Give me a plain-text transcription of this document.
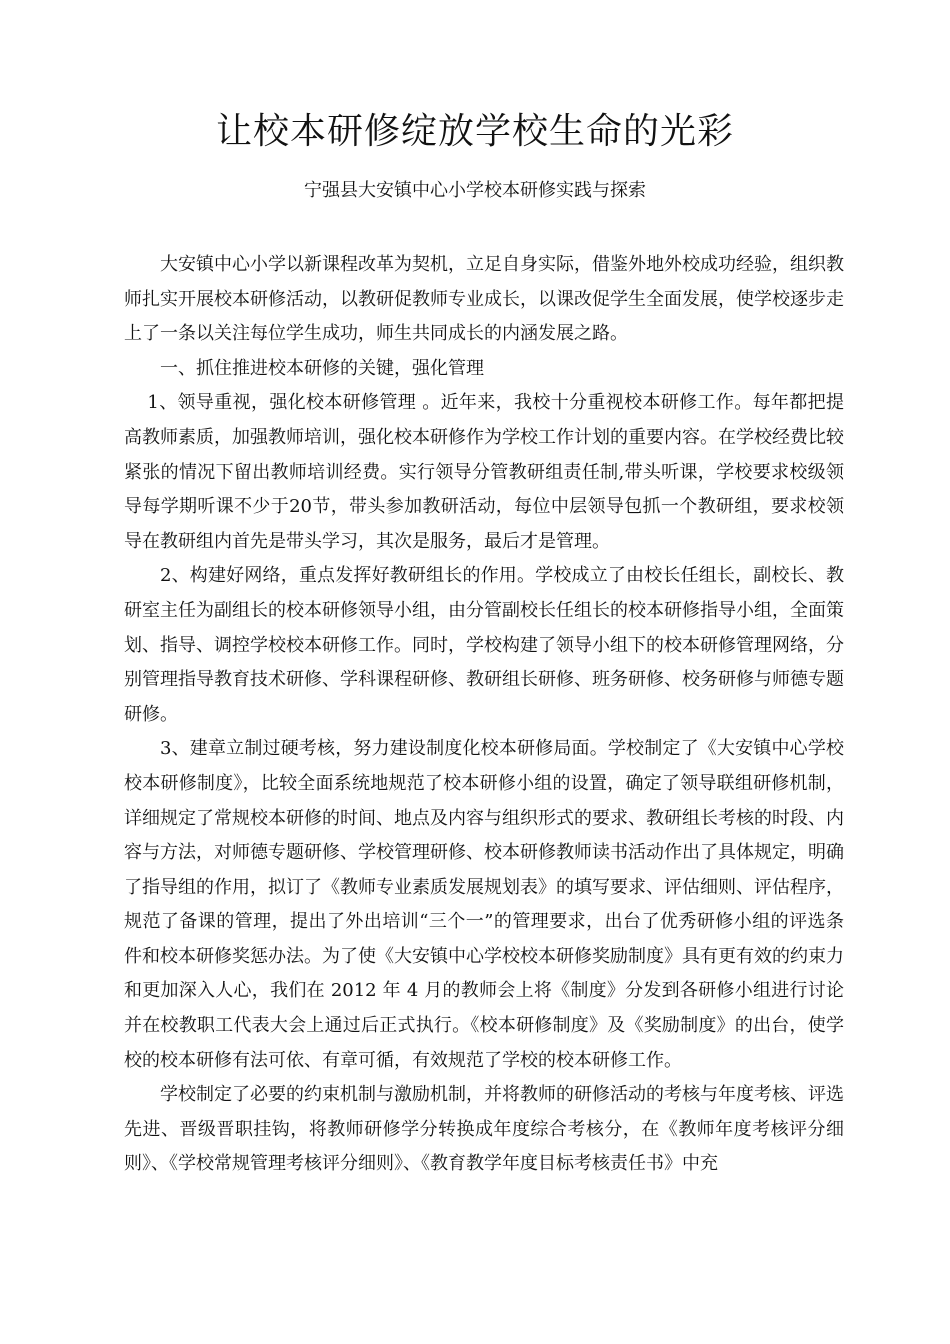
让校本研修绽放学校生命的光彩

宁强县大安镇中心小学校本研修实践与探索

大安镇中心小学以新课程改革为契机，立足自身实际，借鉴外地外校成功经验，组织教师扎实开展校本研修活动，以教研促教师专业成长，以课改促学生全面发展，使学校逐步走上了一条以关注每位学生成功，师生共同成长的内涵发展之路。

一、抓住推进校本研修的关键，强化管理

1、领导重视，强化校本研修管理 。近年来，我校十分重视校本研修工作。每年都把提高教师素质，加强教师培训，强化校本研修作为学校工作计划的重要内容。在学校经费比较紧张的情况下留出教师培训经费。实行领导分管教研组责任制,带头听课，学校要求校级领导每学期听课不少于20节，带头参加教研活动，每位中层领导包抓一个教研组，要求校领导在教研组内首先是带头学习，其次是服务，最后才是管理。

2、构建好网络，重点发挥好教研组长的作用。学校成立了由校长任组长，副校长、教研室主任为副组长的校本研修领导小组，由分管副校长任组长的校本研修指导小组，全面策划、指导、调控学校校本研修工作。同时，学校构建了领导小组下的校本研修管理网络，分别管理指导教育技术研修、学科课程研修、教研组长研修、班务研修、校务研修与师德专题研修。

3、建章立制过硬考核，努力建设制度化校本研修局面。学校制定了《大安镇中心学校校本研修制度》，比较全面系统地规范了校本研修小组的设置，确定了领导联组研修机制，详细规定了常规校本研修的时间、地点及内容与组织形式的要求、教研组长考核的时段、内容与方法，对师德专题研修、学校管理研修、校本研修教师读书活动作出了具体规定，明确了指导组的作用，拟订了《教师专业素质发展规划表》的填写要求、评估细则、评估程序，规范了备课的管理，提出了外出培训“三个一”的管理要求，出台了优秀研修小组的评选条件和校本研修奖惩办法。为了使《大安镇中心学校校本研修奖励制度》具有更有效的约束力和更加深入人心，我们在 2012 年 4 月的教师会上将《制度》分发到各研修小组进行讨论并在校教职工代表大会上通过后正式执行。《校本研修制度》及《奖励制度》的出台，使学校的校本研修有法可依、有章可循，有效规范了学校的校本研修工作。

学校制定了必要的约束机制与激励机制，并将教师的研修活动的考核与年度考核、评选先进、晋级晋职挂钩，将教师研修学分转换成年度综合考核分，在《教师年度考核评分细则》、《学校常规管理考核评分细则》、《教育教学年度目标考核责任书》中充
